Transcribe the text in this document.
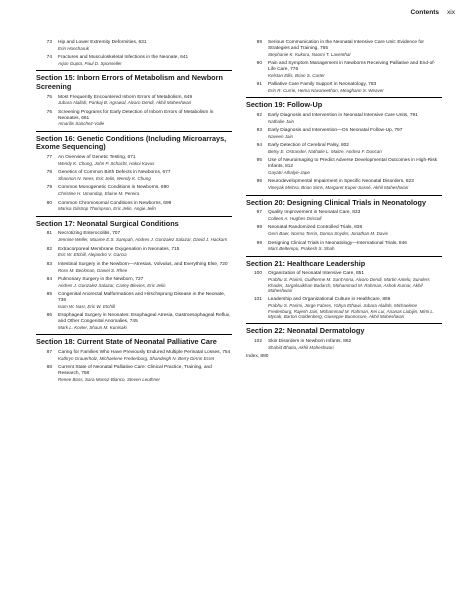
Contents xix
73	Hip and Lower Extremity Deformities, 631
Erin Honcharuk
74	Fractures and Musculoskeletal Infections in the Neonate, 641
Arjun Gupta, Paul D. Sponseller
Section 15: Inborn Errors of Metabolism and Newborn Screening
75	Most Frequently Encountered Inborn Errors of Metabolism, 649
Jubara Alallah, Pankaj B. Agrawal, Alvaro Dendi, Akhil Maheshwari
76	Screening Programs for Early Detection of Inborn Errors of Metabolism in Neonates, 661
Amarilis Sanchez-Valle
Section 16: Genetic Conditions (Including Microarrays, Exome Sequencing)
77	An Overview of Genetic Testing, 671
Wendy K. Chung, John P. Schacht, Hakoi Kavus
78	Genetics of Common Birth Defects in Newborns, 677
Shannon N. Nees, Eric Jelin, Wendy K. Chung
79	Common Monogenetic Conditions in Newborns, 690
Christine H. Umandap, Elaine M. Pereira
80	Common Chromosomal Conditions in Newborns, 699
Marisa Gilstrop Thompson, Eric Jelin, Angie Jelin
Section 17: Neonatal Surgical Conditions
81	Necrotizing Enterocolitis, 707
Jennine Weller, Maame E.S. Sampah, Andres J. Gonzalez Salazar, David J. Hackam
82	Extracorporeal Membrane Oxygenation in Neonates, 715
Eric W. Etchill, Alejandro V. Garcia
83	Intestinal Surgery in the Newborn—Atresias, Volvulus, and Everything Else, 720
Ross M. Beckman, Daniel S. Rhee
84	Pulmonary Surgery in the Newborn, 727
Andres J. Gonzalez Salazar, Carley Blevins, Eric Jelin
85	Congenital Anorectal Malformations and Hirschsprung Disease in the Neonate, 738
Isam W. Nasr, Eric W. Etchill
86	Esophageal Surgery in Neonates: Esophageal Atresia, Gastroesophageal Reflux, and Other Congenital Anomalies, 745
Mark L. Kovler, Shaun M. Kunisaki
Section 18: Current State of Neonatal Palliative Care
87	Caring for Families Who Have Previously Endured Multiple Perinatal Losses, 754
Kathryn Grauerholz, Michaelene Fredenburg, Shandeigh N. Berry DiAnn Ecret
88	Current State of Neonatal Palliative Care: Clinical Practice, Training, and Research, 758
Renee Boss, Sara Munoz-Blanco, Steven Leuthner
89	Serious Communication in the Neonatal Intensive Care Unit: Evidence for Strategies and Training, 765
Stephanie K. Kukora, Naomi T. Laventhal
90	Pain and Symptom Management in Newborns Receiving Palliative and End-of-Life Care, 776
Kelstan Ellis, Brian S. Carter
91	Palliative Care Family Support in Neonatology, 783
Erin R. Currie, Hema Navaneethan, Meaghann S. Weaver
Section 19: Follow-Up
92	Early Diagnosis and Intervention in Neonatal Intensive Care Units, 791
Nathalie Jain
93	Early Diagnosis and Intervention—On Neonatal Follow-Up, 797
Naveen Jain
94	Early Detection of Cerebral Palsy, 802
Betsy E. Ostrander, Nathalie L. Maitre, Andrea F. Duncan
95	Use of Neuroimaging to Predict Adverse Developmental Outcomes in High-Risk Infants, 812
Gayatri Athalye-Jape
96	Neurodevelopmental Impairment in Specific Neonatal Disorders, 823
Vineyak Mishra, Brian Sims, Margaret Kuper-Sassé, Akhil Maheshwari
Section 20: Designing Clinical Trials in Neonatology
97	Quality Improvement in Neonatal Care, 833
Colleen A. Hughes Driscoll
98	Neonatal Randomized Controlled Trials, 838
Gerri Baer, Norma Terrin, Donna Snyder, Jonathan M. Davis
99	Designing Clinical Trials in Neonatology—International Trials, 846
Marc Beltempo, Prakesh S. Shah
Section 21: Healthcare Leadership
100	Organization of Neonatal Intensive Care, 851
Prabhu S. Parimi, Guilherme M. Sant'Anna, Alvaro Dendi, Martin Antelo, Sunders Khader, Jargalsaikhan Badarch, Mohammad M. Rahman, Ashok Kumar, Akhil Maheshwari
101	Leadership and Organizational Culture in Healthcare, 856
Prabhu S. Parimi, Jorge Fabres, Yahya Ethawi, Jubara Alallah, Michaelene Fredenburg, Rajesh Jain, Mohammad M. Rahman, Kei Lui, Arianas Liubijin, Mimi L. Mynak, Barton Goldenberg, Giuseppe Buonocore, Akhil Maheshwari
Section 22: Neonatal Dermatology
102	Skin Disorders in Newborn Infants, 862
Shahid Bhatia, Akhil Maheshwari
Index, 880
